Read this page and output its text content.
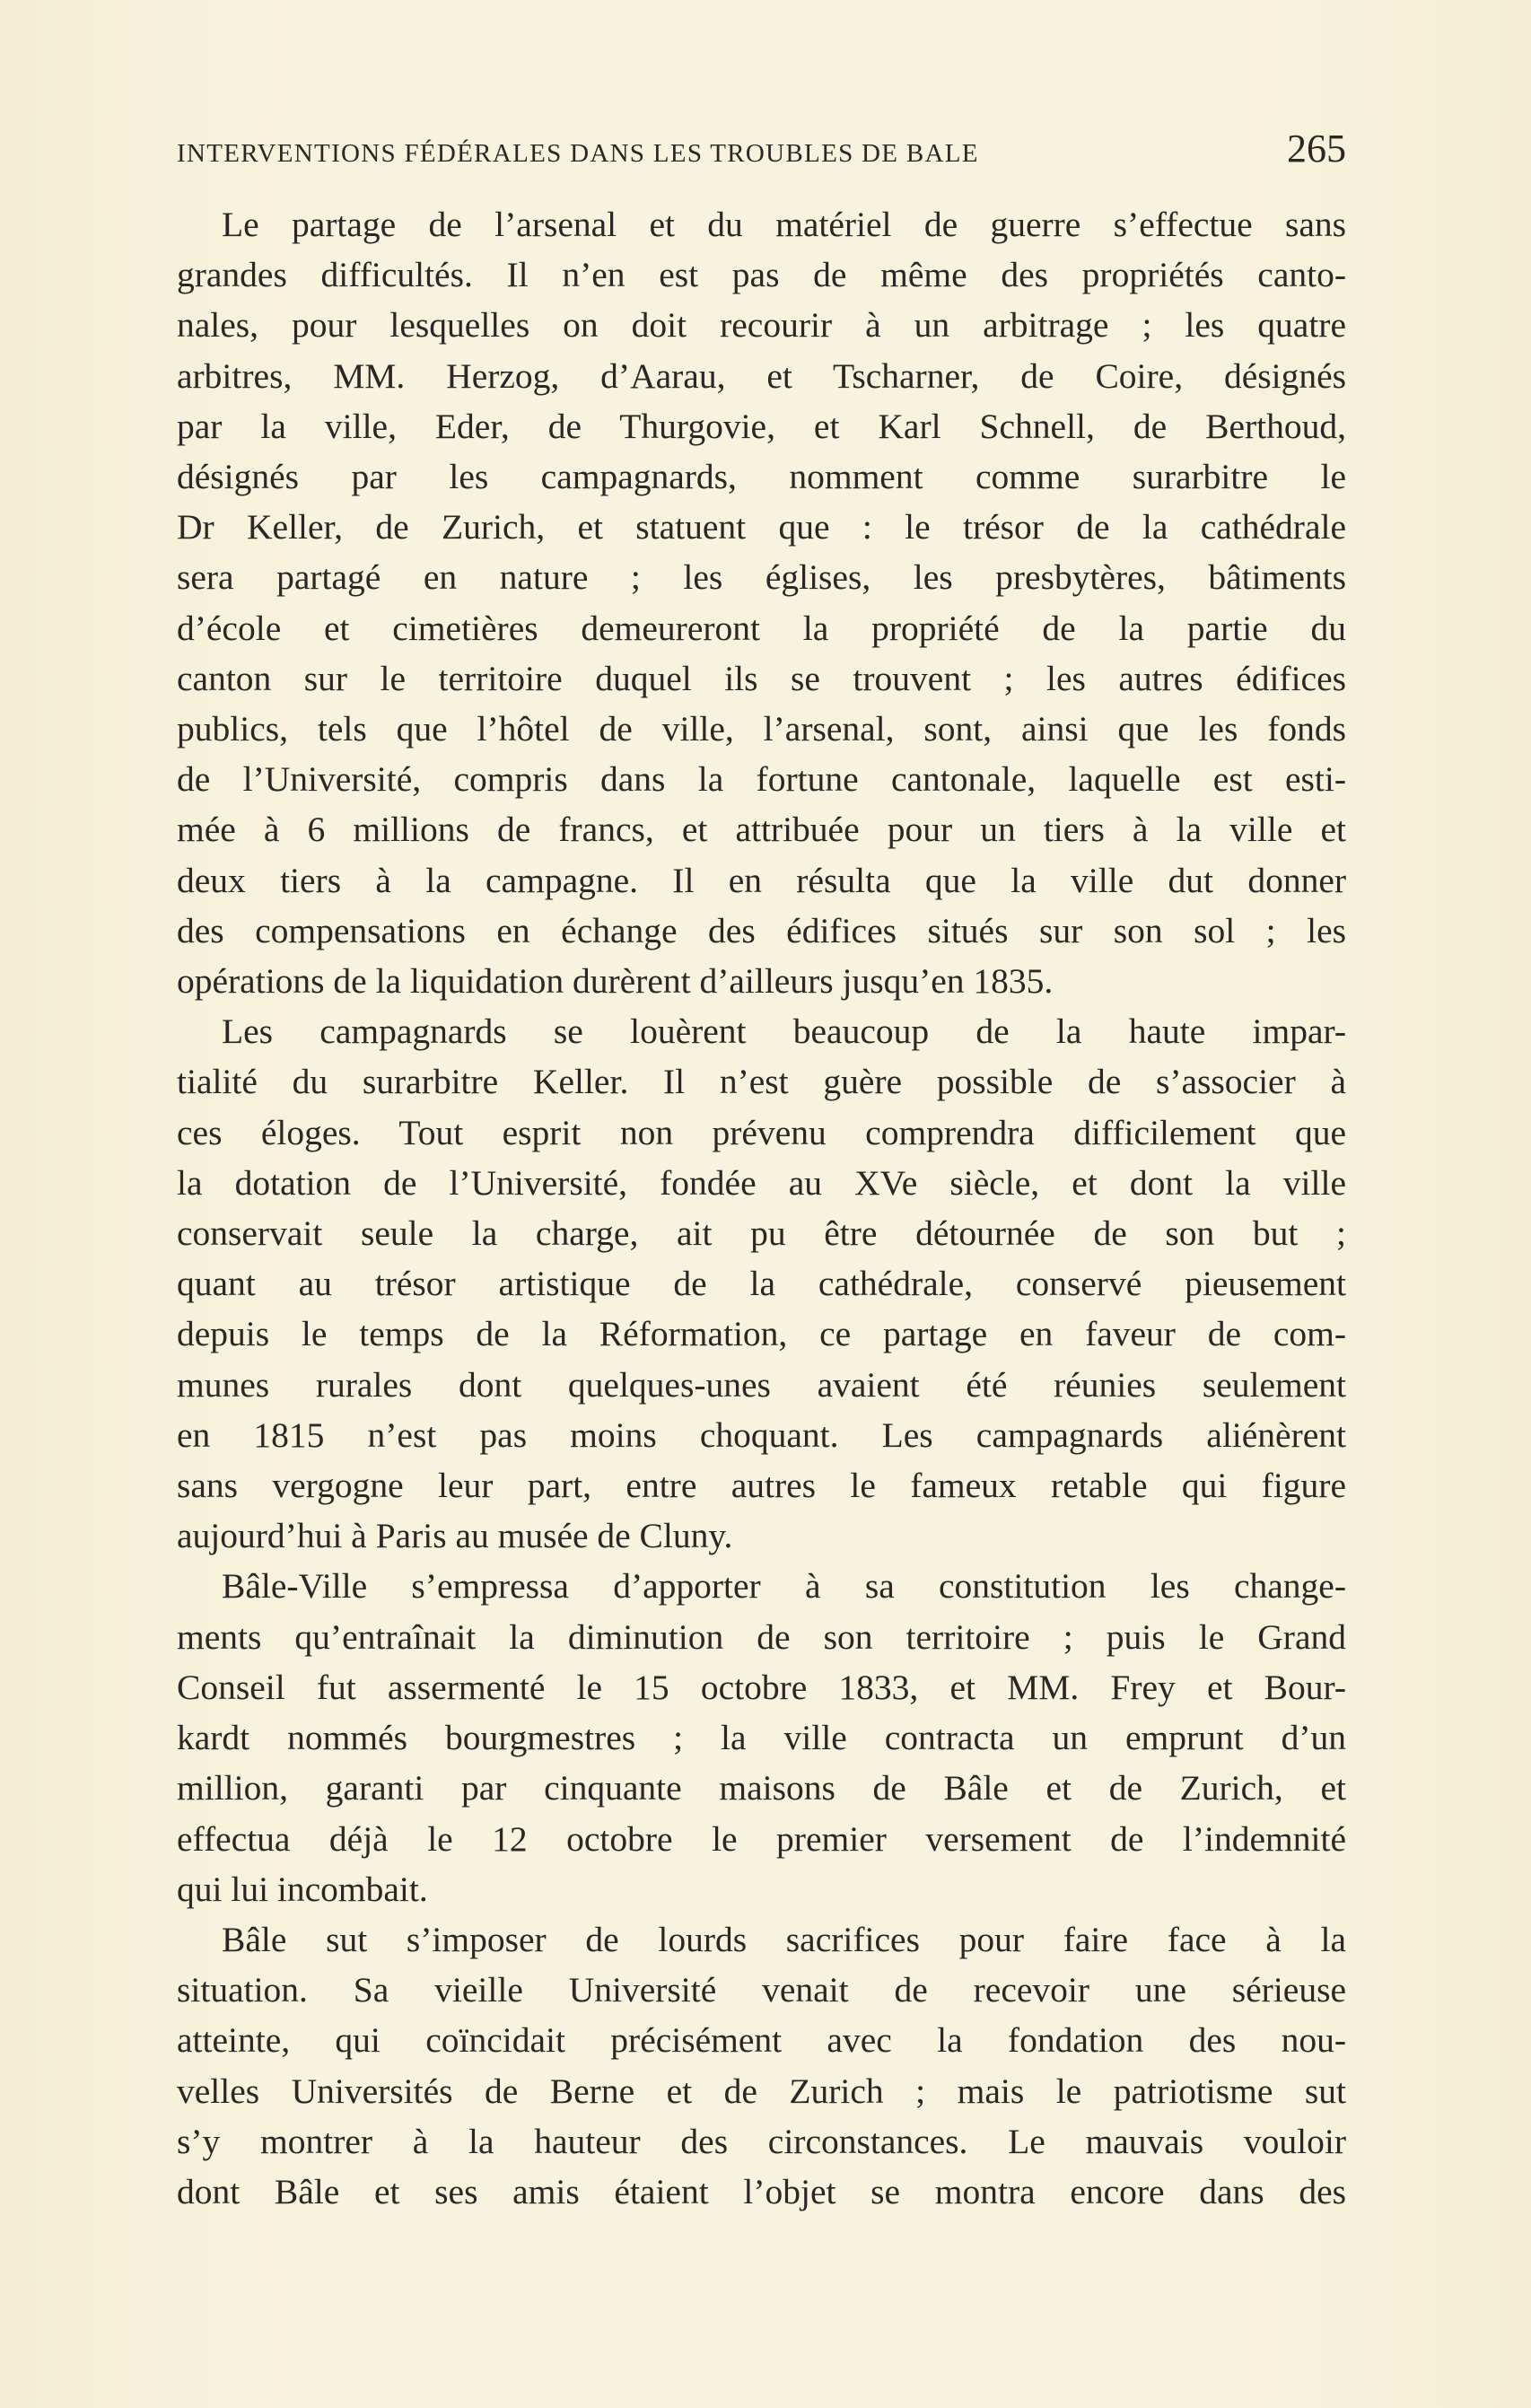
INTERVENTIONS FÉDÉRALES DANS LES TROUBLES DE BALE	265
Le partage de l’arsenal et du matériel de guerre s’effectue sans
grandes difficultés. Il n’en est pas de même des propriétés canto-
nales, pour lesquelles on doit recourir à un arbitrage ; les quatre
arbitres, MM. Herzog, d’Aarau, et Tscharner, de Coire, désignés
par la ville, Eder, de Thurgovie, et Karl Schnell, de Berthoud,
désignés par les campagnards, nomment comme surarbitre le
Dr Keller, de Zurich, et statuent que : le trésor de la cathédrale
sera partagé en nature ; les églises, les presbytères, bâtiments
d’école et cimetières demeureront la propriété de la partie du
canton sur le territoire duquel ils se trouvent ; les autres édifices
publics, tels que l’hôtel de ville, l’arsenal, sont, ainsi que les fonds
de l’Université, compris dans la fortune cantonale, laquelle est esti-
mée à 6 millions de francs, et attribuée pour un tiers à la ville et
deux tiers à la campagne. Il en résulta que la ville dut donner
des compensations en échange des édifices situés sur son sol ; les
opérations de la liquidation durèrent d’ailleurs jusqu’en 1835.
Les campagnards se louèrent beaucoup de la haute impar-
tialité du surarbitre Keller. Il n’est guère possible de s’associer à
ces éloges. Tout esprit non prévenu comprendra difficilement que
la dotation de l’Université, fondée au XVe siècle, et dont la ville
conservait seule la charge, ait pu être détournée de son but ;
quant au trésor artistique de la cathédrale, conservé pieusement
depuis le temps de la Réformation, ce partage en faveur de com-
munes rurales dont quelques-unes avaient été réunies seulement
en 1815 n’est pas moins choquant. Les campagnards aliénèrent
sans vergogne leur part, entre autres le fameux retable qui figure
aujourd’hui à Paris au musée de Cluny.
Bâle-Ville s’empressa d’apporter à sa constitution les change-
ments qu’entraînait la diminution de son territoire ; puis le Grand
Conseil fut assermenté le 15 octobre 1833, et MM. Frey et Bour-
kardt nommés bourgmestres ; la ville contracta un emprunt d’un
million, garanti par cinquante maisons de Bâle et de Zurich, et
effectua déjà le 12 octobre le premier versement de l’indemnité
qui lui incombait.
Bâle sut s’imposer de lourds sacrifices pour faire face à la
situation. Sa vieille Université venait de recevoir une sérieuse
atteinte, qui coïncidait précisément avec la fondation des nou-
velles Universités de Berne et de Zurich ; mais le patriotisme sut
s’y montrer à la hauteur des circonstances. Le mauvais vouloir
dont Bâle et ses amis étaient l’objet se montra encore dans des
